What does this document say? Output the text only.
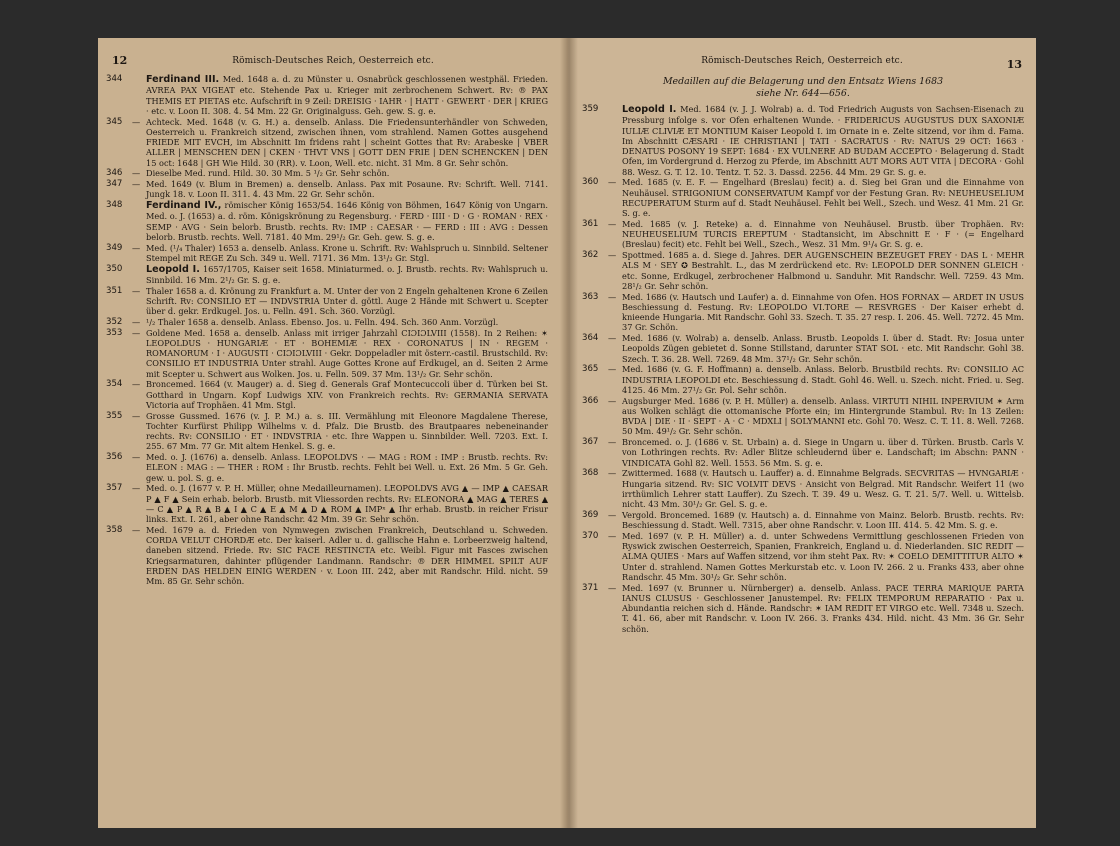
12	Römisch-Deutsches Reich, Oesterreich etc.
344	Ferdinand III. Med. 1648 a. d. zu Münster u. Osnabrück geschlossenen westphäl. Frieden. AVREA PAX VIGEAT etc. Stehende Pax u. Krieger mit zerbrochenem Schwert. Rv: ® PAX THEMIS ET PIETAS etc. Aufschrift in 9 Zeil: DREISIG · IAHR · | HATT · GEWERT · DER | KRIEG · etc. v. Loon II. 308. 4. 54 Mm. 22 Gr. Originalguss. Geh. gew. S. g. e.
345	— Achteck. Med. 1648 (v. G. H.) a. denselb. Anlass. Die Friedensunterhändler von Schweden, Oesterreich u. Frankreich sitzend, zwischen ihnen, vom strahlend. Namen Gottes ausgehend FRIEDE MIT EVCH, im Abschnitt Im fridens raht | scheint Gottes that Rv: Arabeske | VBER ALLER | MENSCHEN DEN | CKEN · THVT VNS | GOTT DEN FRIE | DEN SCHENCKEN | DEN 15 oct: 1648 | GH Wie Hild. 30 (RR). v. Loon, Well. etc. nicht. 31 Mm. 8 Gr. Sehr schön.
346	— Dieselbe Med. rund. Hild. 30. 30 Mm. 5 ¹/₂ Gr. Sehr schön.
347	— Med. 1649 (v. Blum in Bremen) a. denselb. Anlass. Pax mit Posaune. Rv: Schrift. Well. 7141. Jungk 18. v. Loon II. 311. 4. 43 Mm. 22 Gr. Sehr schön.
348	Ferdinand IV., römischer König 1653/54. 1646 König von Böhmen, 1647 König von Ungarn. Med. o. J. (1653) a. d. röm. Königskrönung zu Regensburg. · FERD · IIII · D · G · ROMAN · REX · SEMP · AVG · Sein belorb. Brustb. rechts. Rv: IMP : CAESAR · — FERD : III : AVG : Dessen belorb. Brustb. rechts. Well. 7181. 40 Mm. 29¹/₂ Gr. Geh. gew. S. g. e.
349	— Med. (¹/₄ Thaler) 1653 a. denselb. Anlass. Krone u. Schrift. Rv: Wahlspruch u. Sinnbild. Seltener Stempel mit REGE Zu Sch. 349 u. Well. 7171. 36 Mm. 13¹/₂ Gr. Stgl.
350	Leopold I. 1657/1705, Kaiser seit 1658. Miniaturmed. o. J. Brustb. rechts. Rv: Wahlspruch u. Sinnbild. 16 Mm. 2¹/₂ Gr. S. g. e.
351	— Thaler 1658 a. d. Krönung zu Frankfurt a. M. Unter der von 2 Engeln gehaltenen Krone 6 Zeilen Schrift. Rv: CONSILIO ET — INDVSTRIA Unter d. göttl. Auge 2 Hände mit Schwert u. Scepter über d. gekr. Erdkugel. Jos. u. Felln. 491. Sch. 360. Vorzügl.
352	— ¹/₂ Thaler 1658 a. denselb. Anlass. Ebenso. Jos. u. Felln. 494. Sch. 360 Anm. Vorzügl.
353	— Goldene Med. 1658 a. denselb. Anlass mit irriger Jahrzahl CIƆIƆLVIII (1558). In 2 Reihen: ✶ LEOPOLDUS · HUNGARIÆ · ET · BOHEMIÆ · REX · CORONATUS | IN · REGEM · ROMANORUM · I · AUGUSTI · CIƆIƆLVIII · Gekr. Doppeladler mit österr.-castil. Brustschild. Rv: CONSILIO ET INDUSTRIA Unter strahl. Auge Gottes Krone auf Erdkugel, an d. Seiten 2 Arme mit Scepter u. Schwert aus Wolken. Jos. u. Felln. 509. 37 Mm. 13¹/₂ Gr. Sehr schön.
354	— Broncemed. 1664 (v. Mauger) a. d. Sieg d. Generals Graf Montecuccoli über d. Türken bei St. Gotthard in Ungarn. Kopf Ludwigs XIV. von Frankreich rechts. Rv: GERMANIA SERVATA Victoria auf Trophäen. 41 Mm. Stgl.
355	— Grosse Gussmed. 1676 (v. J. P. M.) a. s. III. Vermählung mit Eleonore Magdalene Therese, Tochter Kurfürst Philipp Wilhelms v. d. Pfalz. Die Brustb. des Brautpaares nebeneinander rechts. Rv: CONSILIO · ET · INDVSTRIA · etc. Ihre Wappen u. Sinnbilder. Well. 7203. Ext. I. 255. 67 Mm. 77 Gr. Mit altem Henkel. S. g. e.
356	— Med. o. J. (1676) a. denselb. Anlass. LEOPOLDVS · — MAG : ROM : IMP : Brustb. rechts. Rv: ELEON : MAG : — THER : ROM : Ihr Brustb. rechts. Fehlt bei Well. u. Ext. 26 Mm. 5 Gr. Geh. gew. u. pol. S. g. e.
357	— Med. o. J. (1677 v. P. H. Müller, ohne Medailleurnamen). LEOPOLDVS AVG ▲ — IMP ▲ CAESAR P ▲ F ▲ Sein erhab. belorb. Brustb. mit Vliessorden rechts. Rv: ELEONORA ▲ MAG ▲ TERES ▲ — C ▲ P ▲ R ▲ B ▲ I ▲ C ▲ E ▲ M ▲ D ▲ ROM ▲ IMPˣ ▲ Ihr erhab. Brustb. in reicher Frisur links. Ext. I. 261, aber ohne Randschr. 42 Mm. 39 Gr. Sehr schön.
358	— Med. 1679 a. d. Frieden von Nymwegen zwischen Frankreich, Deutschland u. Schweden. CORDA VELUT CHORDÆ etc. Der kaiserl. Adler u. d. gallische Hahn e. Lorbeerzweig haltend, daneben sitzend. Friede. Rv: SIC FACE RESTINCTA etc. Weibl. Figur mit Fasces zwischen Kriegsarmaturen, dahinter pflügender Landmann. Randschr: ® DER HIMMEL SPILT AUF ERDEN DAS HELDEN EINIG WERDEN · v. Loon III. 242, aber mit Randschr. Hild. nicht. 59 Mm. 85 Gr. Sehr schön.
Römisch-Deutsches Reich, Oesterreich etc.	13
Medaillen auf die Belagerung und den Entsatz Wiens 1683
siehe Nr. 644—656.
359	Leopold I. Med. 1684 (v. J. J. Wolrab) a. d. Tod Friedrich Augusts von Sachsen-Eisenach zu Pressburg infolge s. vor Ofen erhaltenen Wunde. · FRIDERICUS AUGUSTUS DUX SAXONIÆ IULIÆ CLIVIÆ ET MONTIUM Kaiser Leopold I. im Ornate in e. Zelte sitzend, vor ihm d. Fama. Im Abschnitt CÆSARI · IE CHRISTIANI | TATI · SACRATUS · Rv: NATUS 29 OCT: 1663 · DENATUS POSONY 19 SEPT: 1684 · EX VULNERE AD BUDAM ACCEPTO · Belagerung d. Stadt Ofen, im Vordergrund d. Herzog zu Pferde, im Abschnitt AUT MORS AUT VITA | DECORA · Gohl 88. Wesz. G. T. 12. 10. Tentz. T. 52. 3. Dassd. 2256. 44 Mm. 29 Gr. S. g. e.
360	— Med. 1685 (v. E. F. — Engelhard (Breslau) fecit) a. d. Sieg bei Gran und die Einnahme von Neuhäusel. STRIGONIUM CONSERVATUM Kampf vor der Festung Gran. Rv: NEUHEUSELIUM RECUPERATUM Sturm auf d. Stadt Neuhäusel. Fehlt bei Well., Szech. und Wesz. 41 Mm. 21 Gr. S. g. e.
361	— Med. 1685 (v. J. Reteke) a. d. Einnahme von Neuhäusel. Brustb. über Trophäen. Rv: NEUHEUSELIUM TURCIS EREPTUM · Stadtansicht, im Abschnitt E · F · (= Engelhard (Breslau) fecit) etc. Fehlt bei Well., Szech., Wesz. 31 Mm. 9¹/₄ Gr. S. g. e.
362	— Spottmed. 1685 a. d. Siege d. Jahres. DER AUGENSCHEIN BEZEUGET FREY · DAS L · MEHR ALS M · SEY ✪ Bestrahlt. L., das M zerdrückend etc. Rv: LEOPOLD DER SONNEN GLEICH · etc. Sonne, Erdkugel, zerbrochener Halbmond u. Sanduhr. Mit Randschr. Well. 7259. 43 Mm. 28¹/₂ Gr. Sehr schön.
363	— Med. 1686 (v. Hautsch und Laufer) a. d. Einnahme von Ofen. HOS FORNAX — ARDET IN USUS Beschiessung d. Festung. Rv: LEOPOLDO VI.TORE — RESVRGES · Der Kaiser erhebt d. knieende Hungaria. Mit Randschr. Gohl 33. Szech. T. 35. 27 resp. I. 206. 45. Well. 7272. 45 Mm. 37 Gr. Schön.
364	— Med. 1686 (v. Wolrab) a. denselb. Anlass. Brustb. Leopolds I. über d. Stadt. Rv: Josua unter Leopolds Zügen gebietet d. Sonne Stillstand, darunter STAT SOL · etc. Mit Randschr. Gohl 38. Szech. T. 36. 28. Well. 7269. 48 Mm. 37¹/₂ Gr. Sehr schön.
365	— Med. 1686 (v. G. F. Hoffmann) a. denselb. Anlass. Belorb. Brustbild rechts. Rv: CONSILIO AC INDUSTRIA LEOPOLDI etc. Beschiessung d. Stadt. Gohl 46. Well. u. Szech. nicht. Fried. u. Seg. 4125. 46 Mm. 27¹/₂ Gr. Pol. Sehr schön.
366	— Augsburger Med. 1686 (v. P. H. Müller) a. denselb. Anlass. VIRTUTI NIHIL INPERVIUM ✶ Arm aus Wolken schlägt die ottomanische Pforte ein; im Hintergrunde Stambul. Rv: In 13 Zeilen: BVDA | DIE · II · SEPT · A · C · MDXLI | SOLYMANNI etc. Gohl 70. Wesz. C. T. 11. 8. Well. 7268. 50 Mm. 49¹/₂ Gr. Sehr schön.
367	— Broncemed. o. J. (1686 v. St. Urbain) a. d. Siege in Ungarn u. über d. Türken. Brustb. Carls V. von Lothringen rechts. Rv: Adler Blitze schleudernd über e. Landschaft; im Abschn: PANN · VINDICATA Gohl 82. Well. 1553. 56 Mm. S. g. e.
368	— Zwittermed. 1688 (v. Hautsch u. Lauffer) a. d. Einnahme Belgrads. SECVRITAS — HVNGARIÆ · Hungaria sitzend. Rv: SIC VOLVIT DEVS · Ansicht von Belgrad. Mit Randschr. Weifert 11 (wo irrthümlich Lehrer statt Lauffer). Zu Szech. T. 39. 49 u. Wesz. G. T. 21. 5/7. Well. u. Wittelsb. nicht. 43 Mm. 30¹/₂ Gr. Gel. S. g. e.
369	— Vergold. Broncemed. 1689 (v. Hautsch) a. d. Einnahme von Mainz. Belorb. Brustb. rechts. Rv: Beschiessung d. Stadt. Well. 7315, aber ohne Randschr. v. Loon III. 414. 5. 42 Mm. S. g. e.
370	— Med. 1697 (v. P. H. Müller) a. d. unter Schwedens Vermittlung geschlossenen Frieden von Ryswick zwischen Oesterreich, Spanien, Frankreich, England u. d. Niederlanden. SIC REDIT — ALMA QUIES · Mars auf Waffen sitzend, vor ihm steht Pax. Rv: ✶ COELO DEMITTITUR ALTO ✶ Unter d. strahlend. Namen Gottes Merkurstab etc. v. Loon IV. 266. 2 u. Franks 433, aber ohne Randschr. 45 Mm. 30¹/₂ Gr. Sehr schön.
371	— Med. 1697 (v. Brunner u. Nürnberger) a. denselb. Anlass. PACE TERRA MARIQUE PARTA IANUS CLUSUS · Geschlossener Janustempel. Rv: FELIX TEMPORUM REPARATIO · Pax u. Abundantia reichen sich d. Hände. Randschr: ✶ IAM REDIT ET VIRGO etc. Well. 7348 u. Szech. T. 41. 66, aber mit Randschr. v. Loon IV. 266. 3. Franks 434. Hild. nicht. 43 Mm. 36 Gr. Sehr schön.
